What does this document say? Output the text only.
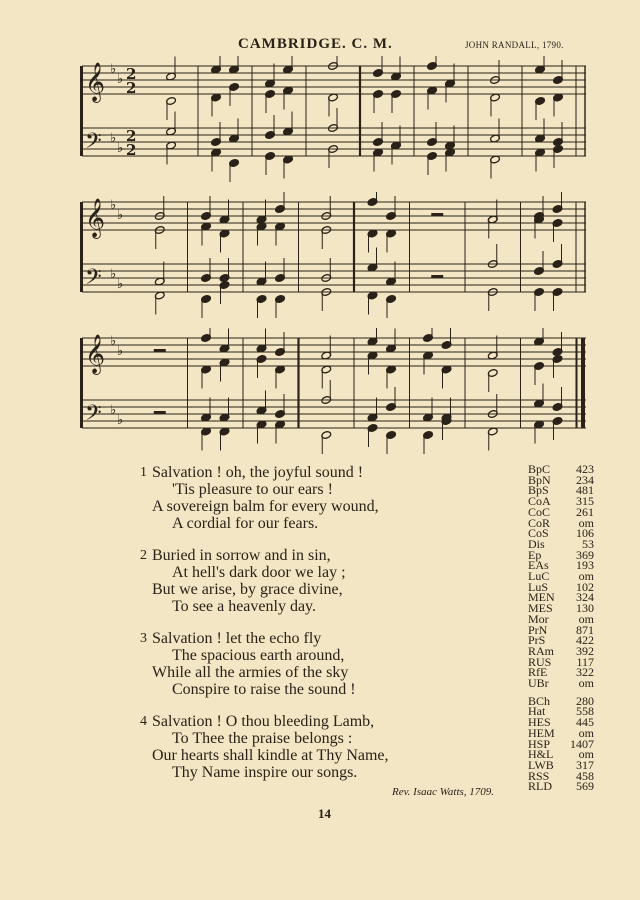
CAMBRIDGE. C. M.	JOHN RANDALL, 1790.
𝄞 ♭
♭ 2
2
𝄢 ♭
♭
2
2
𝄞 ♭
♭
𝄢 ♭
♭
𝄞 ♭
♭
𝄢 ♭
♭
1 Salvation ! oh, the joyful sound !
'Tis pleasure to our ears !
A sovereign balm for every wound,
A cordial for our fears.
2 Buried in sorrow and in sin,
At hell's dark door we lay ;
But we arise, by grace divine,
To see a heavenly day.
3 Salvation ! let the echo fly
The spacious earth around,
While all the armies of the sky
Conspire to raise the sound !
4 Salvation ! O thou bleeding Lamb,
To Thee the praise belongs :
Our hearts shall kindle at Thy Name,
Thy Name inspire our songs.
Rev. Isaac Watts, 1709.
14
BpC 423
BpN 234
BpS 481
CoA 315
CoC 261
CoR om
CoS 106
Dis	53
Ep	369
EAs 193
LuC om
LuS 102
MEN 324
MES 130
Mor om
PrN 871
PrS	422
RAm 392
RUS 117
RfE 322
UBr om
BCh 280
Hat	558
HES 445
HEM om
HSP 1407
H&L om
LWB 317
RSS 458
RLD 569
